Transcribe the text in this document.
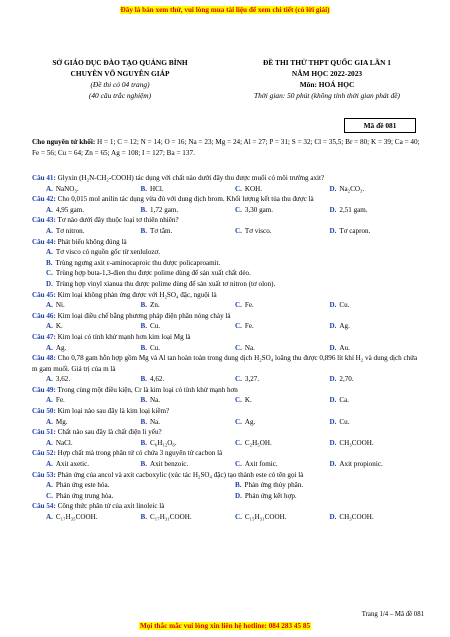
Đây là bản xem thử, vui lòng mua tài liệu để xem chi tiết (có lời giải)
SỞ GIÁO DỤC ĐÀO TẠO QUẢNG BÌNH
CHUYÊN VÕ NGUYÊN GIÁP
(Đề thi có 04 trang)
(40 câu trắc nghiệm)
ĐỀ THI THỬ THPT QUỐC GIA LẦN 1
NĂM HỌC 2022-2023
Môn: HOÁ HỌC
Thời gian: 50 phút (không tính thời gian phát đề)
Mã đề 081
Cho nguyên tử khối: H = 1; C = 12; N = 14; O = 16; Na = 23; Mg = 24; Al = 27; P = 31; S = 32; Cl = 35,5; Br = 80; K = 39; Ca = 40; Fe = 56; Cu = 64; Zn = 65; Ag = 108; I = 127; Ba = 137.
Câu 41: Glyxin (H₂N-CH₂-COOH) tác dụng với chất nào dưới đây thu được muối có môi trường axit?
A. NaNO₃.	B. HCl.	C. KOH.	D. Na₂CO₃.
Câu 42: Cho 0,015 mol anilin tác dụng vừa đủ với dung dịch brom. Khối lượng kết tủa thu được là
A. 4,95 gam.	B. 1,72 gam.	C. 3,30 gam.	D. 2,51 gam.
Câu 43: Tơ nào dưới đây thuộc loại tơ thiên nhiên?
A. Tơ nitron.	B. Tơ tằm.	C. Tơ visco.	D. Tơ capron.
Câu 44: Phát biểu không đúng là
A. Tơ visco có nguồn gốc từ xenlulozơ.
B. Trùng ngưng axit ε-aminocaproic thu được policaproamit.
C. Trùng hợp buta-1,3-đien thu được polime dùng để sản xuất chất dẻo.
D. Trùng hợp vinyl xianua thu được polime dùng để sản xuất tơ nitron (tơ olon).
Câu 45: Kim loại không phản ứng được với H₂SO₄ đặc, nguội là
A. Ni.	B. Zn.	C. Fe.	D. Cu.
Câu 46: Kim loại điều chế bằng phương pháp điện phân nóng chảy là
A. K.	B. Cu.	C. Fe.	D. Ag.
Câu 47: Kim loại có tính khử mạnh hơn kim loại Mg là
A. Ag.	B. Cu.	C. Na.	D. Au.
Câu 48: Cho 0,78 gam hỗn hợp gồm Mg và Al tan hoàn toàn trong dung dịch H₂SO₄ loãng thu được 0,896 lít khí H₂ và dung dịch chứa m gam muối. Giá trị của m là
A. 3,62.	B. 4,62.	C. 3,27.	D. 2,70.
Câu 49: Trong cùng một điều kiện, Cr là kim loại có tính khử mạnh hơn
A. Fe.	B. Na.	C. K.	D. Ca.
Câu 50: Kim loại nào sau đây là kim loại kiềm?
A. Mg.	B. Na.	C. Ag.	D. Cu.
Câu 51: Chất nào sau đây là chất điện li yếu?
A. NaCl.	B. C₆H₁₂O₆.	C. C₂H₅OH.	D. CH₃COOH.
Câu 52: Hợp chất mà trong phân tử có chứa 3 nguyên tử cacbon là
A. Axit axetic.	B. Axit benzoic.	C. Axit fomic.	D. Axit propionic.
Câu 53: Phản ứng của ancol và axit cacboxylic (xúc tác H₂SO₄ đặc) tạo thành este có tên gọi là
A. Phản ứng este hóa.	B. Phản ứng thủy phân.
C. Phản ứng trung hòa.	D. Phản ứng kết hợp.
Câu 54: Công thức phân tử của axit linoleic là
A. C₁₇H₃₅COOH.	B. C₁₇H₃₁COOH.	C. C₁₅H₃₁COOH.	D. CH₃COOH.
Trang 1/4 – Mã đề 081
Mọi thắc mắc vui lòng xin liên hệ hotline: 084 283 45 85
